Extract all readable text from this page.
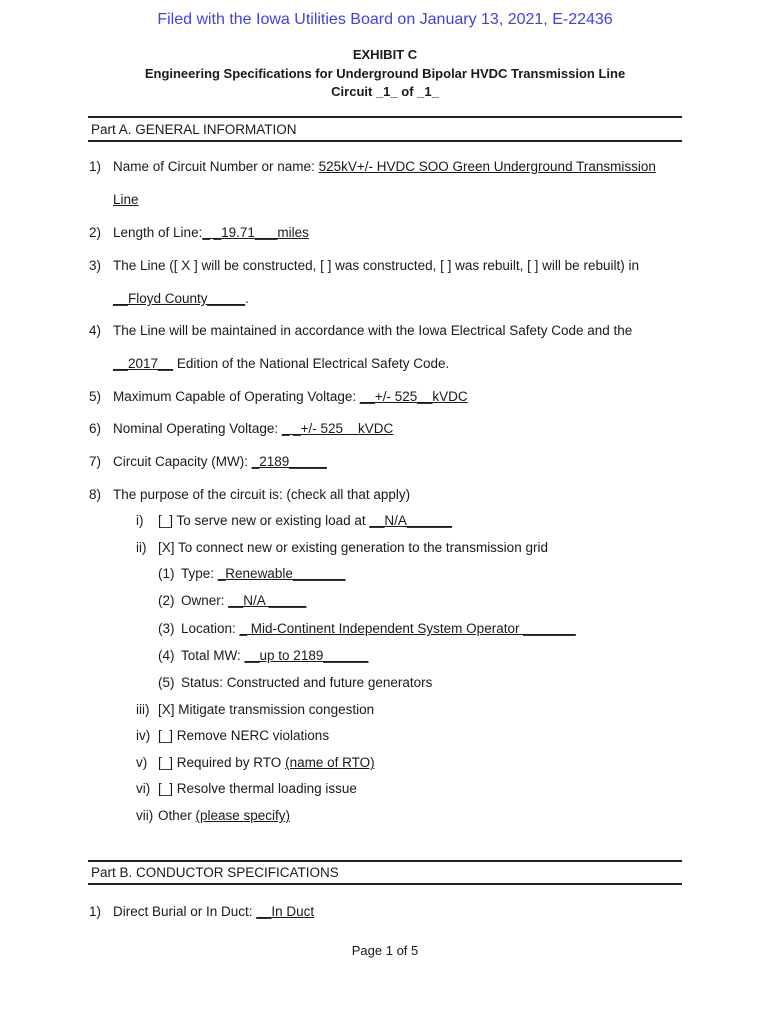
Filed with the Iowa Utilities Board on January 13, 2021, E-22436
EXHIBIT C
Engineering Specifications for Underground Bipolar HVDC Transmission Line
Circuit _1_ of _1_
Part A. GENERAL INFORMATION
1) Name of Circuit Number or name: 525kV+/- HVDC SOO Green Underground Transmission
Line
2) Length of Line:_ _19.71___miles
3) The Line ([ X ] will be constructed, [ ] was constructed, [ ] was rebuilt, [ ] will be rebuilt) in
__Floyd County_____.
4) The Line will be maintained in accordance with the Iowa Electrical Safety Code and the
__2017__ Edition of the National Electrical Safety Code.
5) Maximum Capable of Operating Voltage: __+/- 525__kVDC
6) Nominal Operating Voltage: _ _+/- 525    kVDC
7) Circuit Capacity (MW): _2189_____
8) The purpose of the circuit is: (check all that apply)
i) [_] To serve new or existing load at __N/A______
ii) [X] To connect new or existing generation to the transmission grid
(1) Type: _Renewable_______
(2) Owner: __N/A _____
(3) Location: _ Mid-Continent Independent System Operator _______
(4) Total MW: __up to 2189______
(5) Status: Constructed and future generators
iii) [X] Mitigate transmission congestion
iv) [_] Remove NERC violations
v) [_] Required by RTO (name of RTO)
vi) [_] Resolve thermal loading issue
vii) Other (please specify)
Part B. CONDUCTOR SPECIFICATIONS
1) Direct Burial or In Duct: __In Duct
Page 1 of 5
